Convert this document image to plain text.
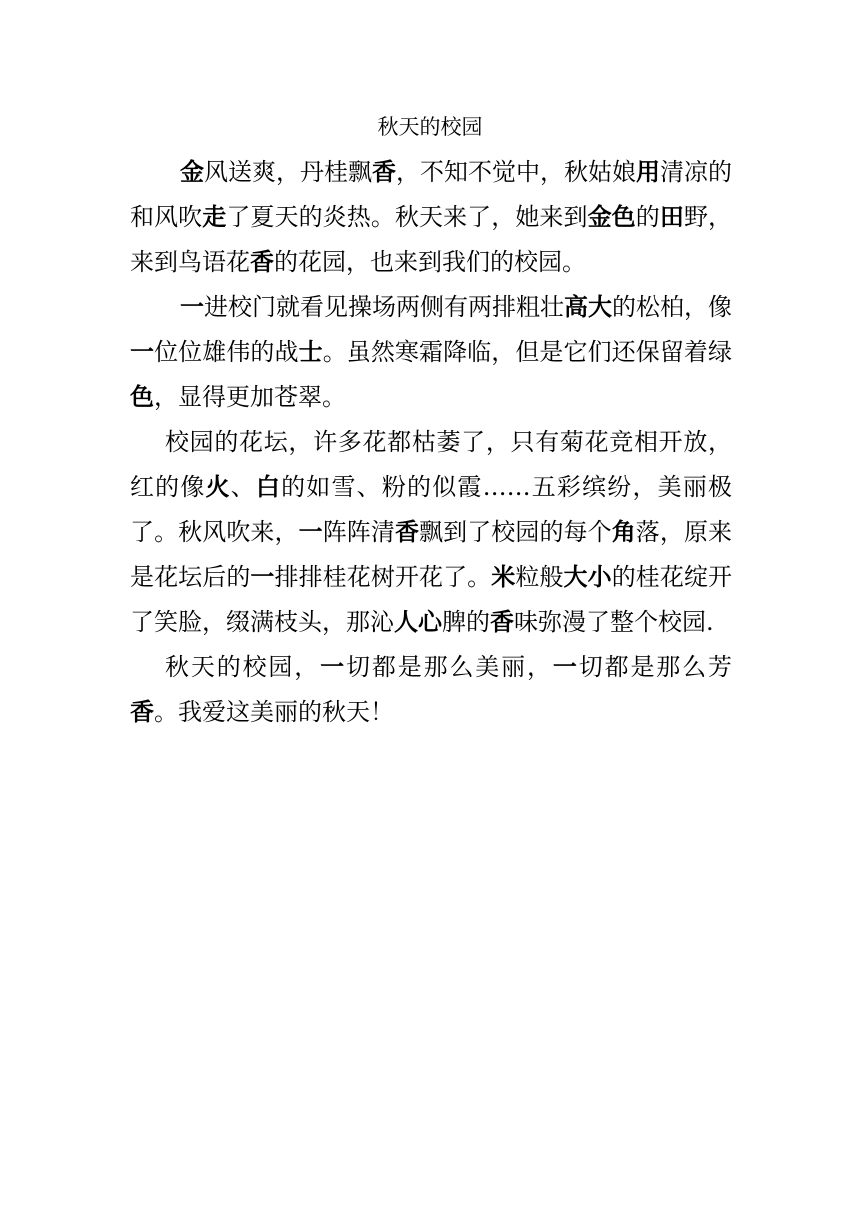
秋天的校园

金风送爽，丹桂飘香，不知不觉中，秋姑娘用清凉的和风吹走了夏天的炎热。秋天来了，她来到金色的田野，来到鸟语花香的花园，也来到我们的校园。

一进校门就看见操场两侧有两排粗壮高大的松柏，像一位位雄伟的战士。虽然寒霜降临，但是它们还保留着绿色，显得更加苍翠。

校园的花坛，许多花都枯萎了，只有菊花竞相开放，红的像火、白的如雪、粉的似霞……五彩缤纷，美丽极了。秋风吹来，一阵阵清香飘到了校园的每个角落，原来是花坛后的一排排桂花树开花了。米粒般大小的桂花绽开了笑脸，缀满枝头，那沁人心脾的香味弥漫了整个校园.

秋天的校园，一切都是那么美丽，一切都是那么芳香。我爱这美丽的秋天！
